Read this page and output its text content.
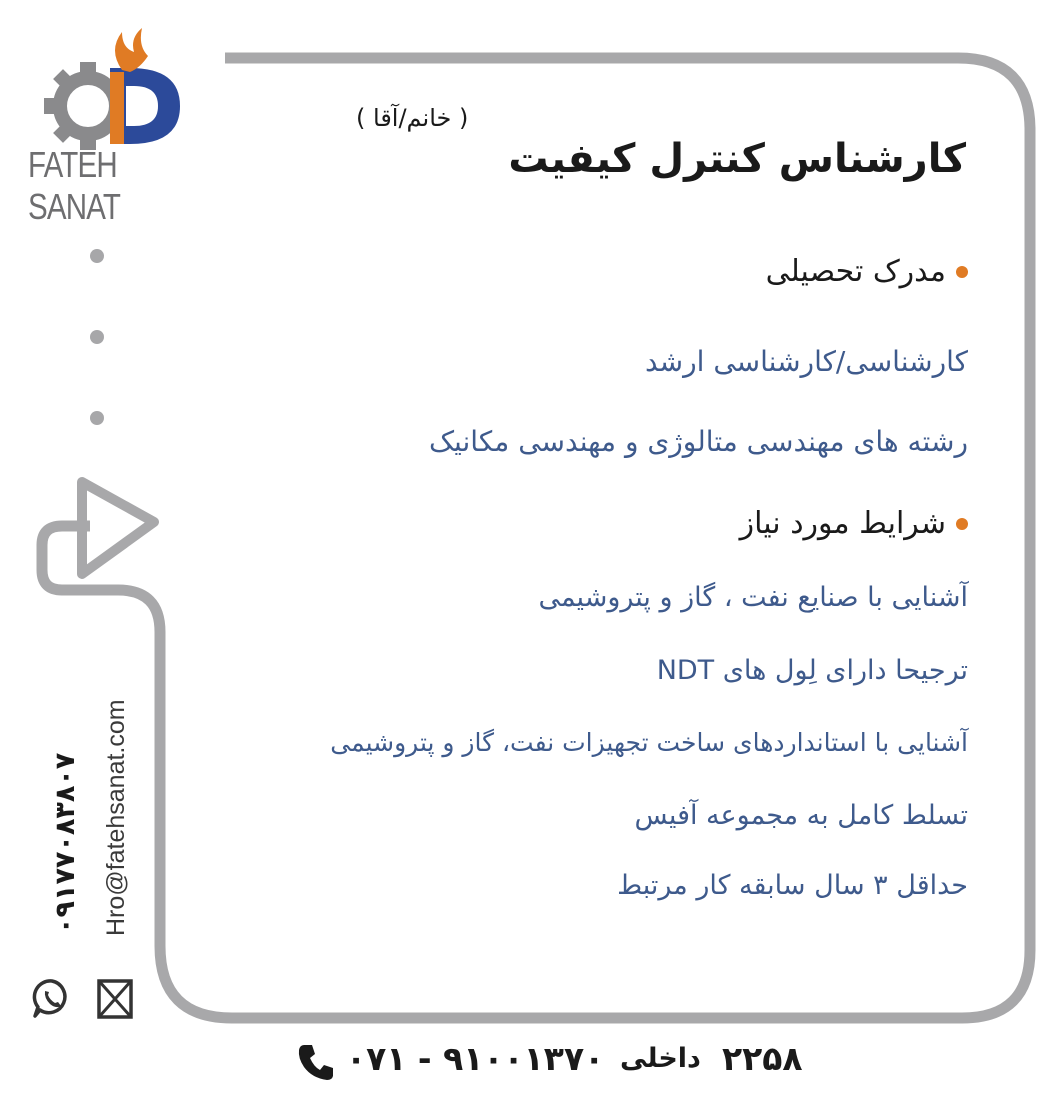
FATEH SANAT
کارشناس کنترل کیفیت
( خانم/آقا )
مدرک تحصیلی
کارشناسی/کارشناسی ارشد
رشته های مهندسی متالوژی و مهندسی مکانیک
شرایط مورد نیاز
آشنایی با صنایع نفت ، گاز و پتروشیمی
ترجیحا دارای لِول های NDT
آشنایی با استانداردهای ساخت تجهیزات نفت، گاز و پتروشیمی
تسلط کامل به مجموعه آفیس
حداقل ۳ سال سابقه کار مرتبط
۰۹۱۷۷۰۸۳۸۰۷ Hro@fatehsanat.com
۲۲۵۸
داخلی
۰۷۱ - ۹۱۰۰۱۳۷۰
